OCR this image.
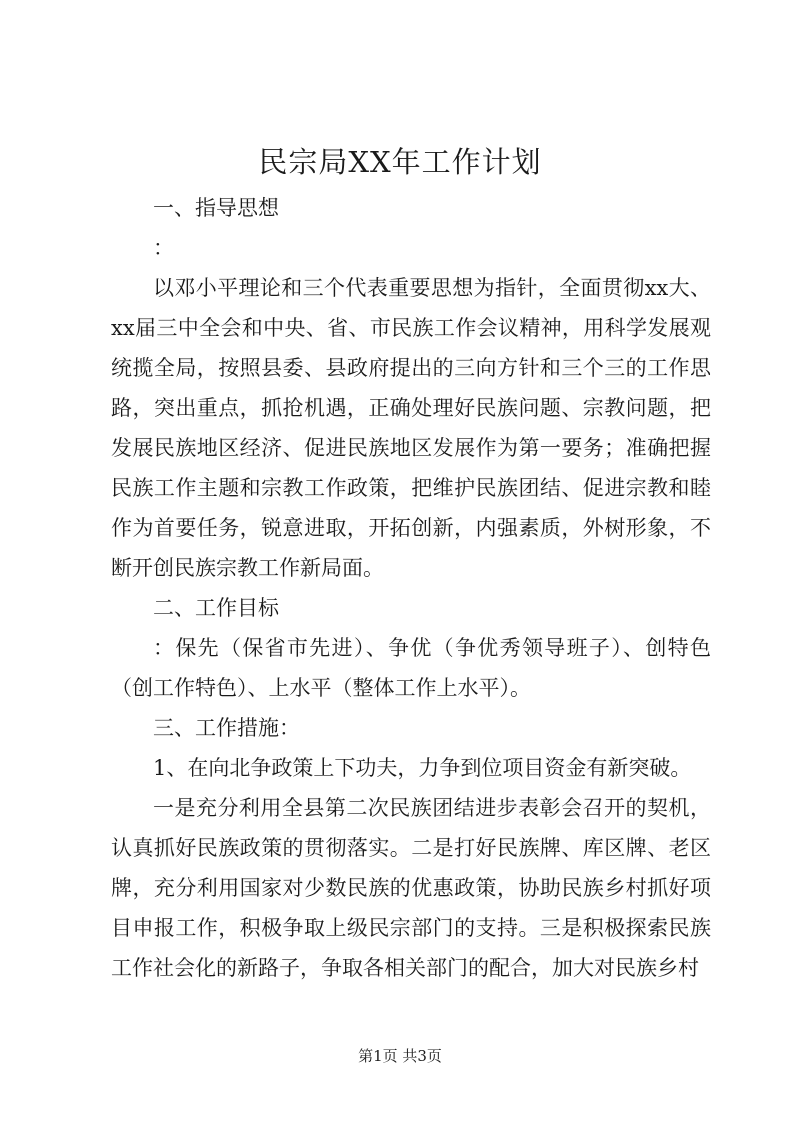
民宗局XX年工作计划

一、指导思想

：

以邓小平理论和三个代表重要思想为指针，全面贯彻xx大、xx届三中全会和中央、省、市民族工作会议精神，用科学发展观统揽全局，按照县委、县政府提出的三向方针和三个三的工作思路，突出重点，抓抢机遇，正确处理好民族问题、宗教问题，把发展民族地区经济、促进民族地区发展作为第一要务；准确把握民族工作主题和宗教工作政策，把维护民族团结、促进宗教和睦作为首要任务，锐意进取，开拓创新，内强素质，外树形象，不断开创民族宗教工作新局面。

二、工作目标

：保先（保省市先进）、争优（争优秀领导班子）、创特色（创工作特色）、上水平（整体工作上水平）。

三、工作措施：

1、在向北争政策上下功夫，力争到位项目资金有新突破。

一是充分利用全县第二次民族团结进步表彰会召开的契机，认真抓好民族政策的贯彻落实。二是打好民族牌、库区牌、老区牌，充分利用国家对少数民族的优惠政策，协助民族乡村抓好项目申报工作，积极争取上级民宗部门的支持。三是积极探索民族工作社会化的新路子，争取各相关部门的配合，加大对民族乡村

第1页 共3页
